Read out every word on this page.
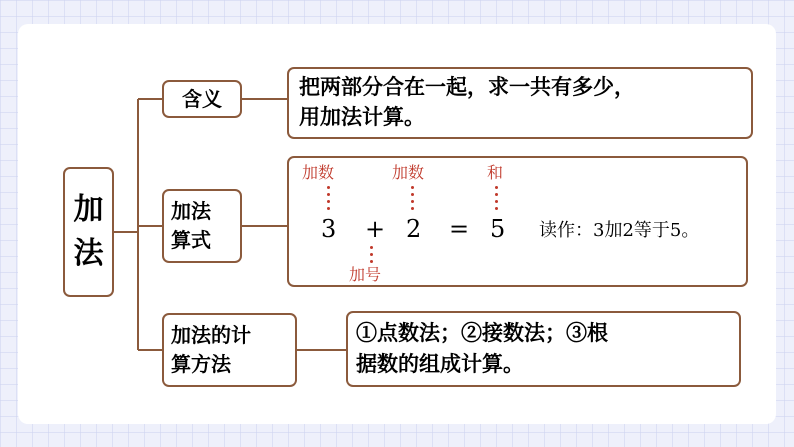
加
法
含义
加法
算式
加法的计
算方法
把两部分合在一起，求一共有多少，
用加法计算。
加数	加数	和
3 + 2 = 5
加号
读作：3加2等于5。
①点数法；②接数法；③根
据数的组成计算。
